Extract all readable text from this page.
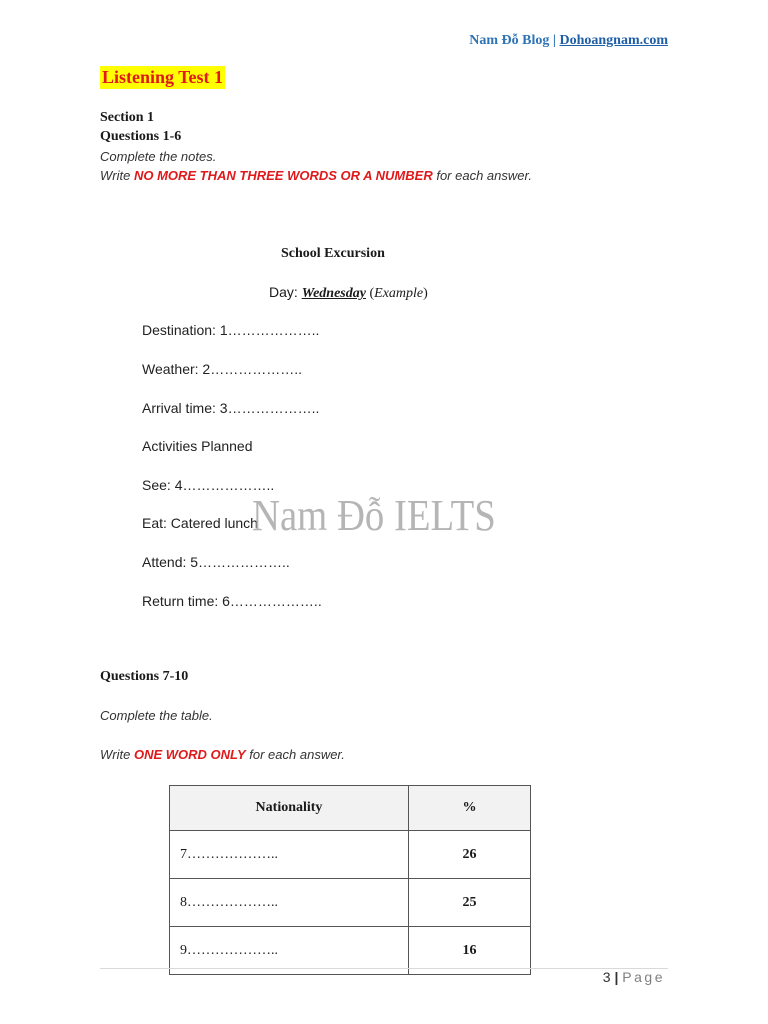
Nam Đỗ Blog | Dohoangnam.com
Listening Test 1
Section 1
Questions 1-6
Complete the notes.
Write NO MORE THAN THREE WORDS OR A NUMBER for each answer.
School Excursion
Day: Wednesday (Example)
Destination: 1………………..
Weather: 2………………..
Arrival time: 3………………..
Activities Planned
See: 4………………..
Eat: Catered lunch
Attend: 5………………..
Return time: 6………………..
Nam Đỗ IELTS
Questions 7-10
Complete the table.
Write ONE WORD ONLY for each answer.
Nationality	%
7………………..	26
8………………..	25
9………………..	16
3 | Page
